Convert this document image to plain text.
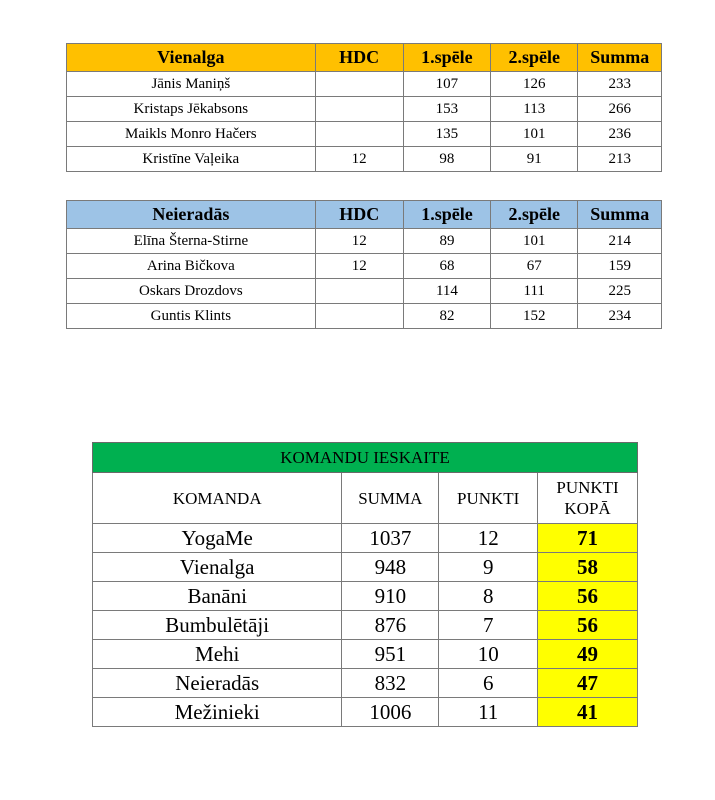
Vienalga	HDC	1.spēle	2.spēle	Summa
Jānis Maniņš		107	126	233
Kristaps Jēkabsons		153	113	266
Maikls Monro Hačers		135	101	236
Kristīne Vaļeika	12	98	91	213
Neieradās	HDC	1.spēle	2.spēle	Summa
Elīna Šterna-Stirne	12	89	101	214
Arina Bičkova	12	68	67	159
Oskars Drozdovs		114	111	225
Guntis Klints		82	152	234
KOMANDU IESKAITE			
KOMANDA	SUMMA	PUNKTI	PUNKTI
KOPĀ
YogaMe	1037	12	71
Vienalga	948	9	58
Banāni	910	8	56
Bumbulētāji	876	7	56
Mehi	951	10	49
Neieradās	832	6	47
Mežinieki	1006	11	41
